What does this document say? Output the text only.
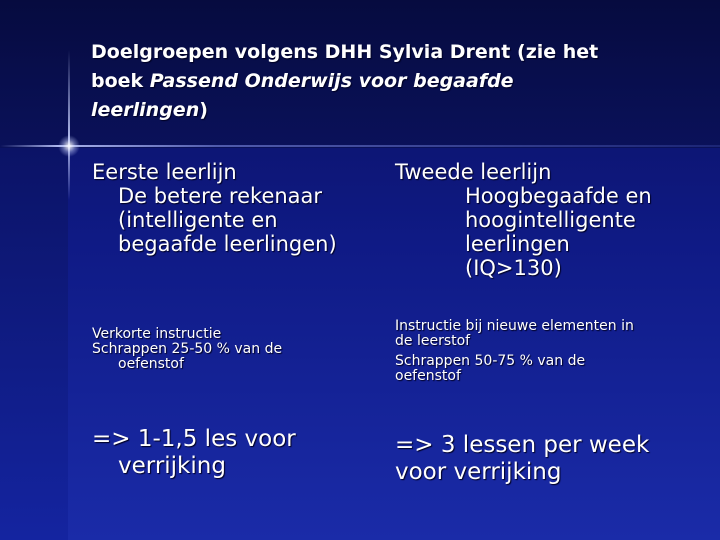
Doelgroepen volgens DHH Sylvia Drent (zie het
boek Passend Onderwijs voor begaafde
leerlingen)
Eerste leerlijn
De betere rekenaar
(intelligente en
begaafde leerlingen)
Verkorte instructie
Schrappen 25-50 % van de
oefenstof
=> 1-1,5 les voor
verrijking
Tweede leerlijn
Hoogbegaafde en
hoogintelligente
leerlingen
(IQ>130)
Instructie bij nieuwe elementen in
de leerstof
Schrappen 50-75 % van de
oefenstof
=> 3 lessen per week
voor verrijking
